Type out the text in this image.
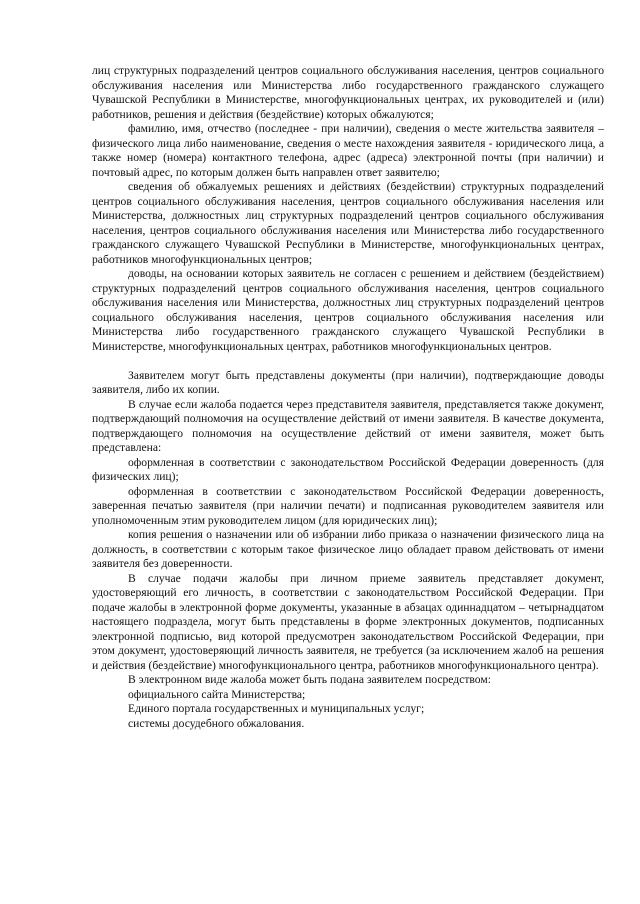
лиц структурных подразделений центров социального обслуживания населения, центров социального обслуживания населения или Министерства либо государственного гражданского служащего Чувашской Республики в Министерстве, многофункциональных центрах, их руководителей и (или) работников, решения и действия (бездействие) которых обжалуются;

фамилию, имя, отчество (последнее - при наличии), сведения о месте жительства заявителя – физического лица либо наименование, сведения о месте нахождения заявителя - юридического лица, а также номер (номера) контактного телефона, адрес (адреса) электронной почты (при наличии) и почтовый адрес, по которым должен быть направлен ответ заявителю;

сведения об обжалуемых решениях и действиях (бездействии) структурных подразделений центров социального обслуживания населения, центров социального обслуживания населения или Министерства, должностных лиц структурных подразделений центров социального обслуживания населения, центров социального обслуживания населения или Министерства либо государственного гражданского служащего Чувашской Республики в Министерстве, многофункциональных центрах, работников многофункциональных центров;

доводы, на основании которых заявитель не согласен с решением и действием (бездействием) структурных подразделений центров социального обслуживания населения, центров социального обслуживания населения или Министерства, должностных лиц структурных подразделений центров социального обслуживания населения, центров социального обслуживания населения или Министерства либо государственного гражданского служащего Чувашской Республики в Министерстве, многофункциональных центрах, работников многофункциональных центров.

Заявителем могут быть представлены документы (при наличии), подтверждающие доводы заявителя, либо их копии.

В случае если жалоба подается через представителя заявителя, представляется также документ, подтверждающий полномочия на осуществление действий от имени заявителя. В качестве документа, подтверждающего полномочия на осуществление действий от имени заявителя, может быть представлена:

оформленная в соответствии с законодательством Российской Федерации доверенность (для физических лиц);

оформленная в соответствии с законодательством Российской Федерации доверенность, заверенная печатью заявителя (при наличии печати) и подписанная руководителем заявителя или уполномоченным этим руководителем лицом (для юридических лиц);

копия решения о назначении или об избрании либо приказа о назначении физического лица на должность, в соответствии с которым такое физическое лицо обладает правом действовать от имени заявителя без доверенности.

В случае подачи жалобы при личном приеме заявитель представляет документ, удостоверяющий его личность, в соответствии с законодательством Российской Федерации. При подаче жалобы в электронной форме документы, указанные в абзацах одиннадцатом – четырнадцатом настоящего подраздела, могут быть представлены в форме электронных документов, подписанных электронной подписью, вид которой предусмотрен законодательством Российской Федерации, при этом документ, удостоверяющий личность заявителя, не требуется (за исключением жалоб на решения и действия (бездействие) многофункционального центра, работников многофункционального центра).

В электронном виде жалоба может быть подана заявителем посредством:

официального сайта Министерства;

Единого портала государственных и муниципальных услуг;

системы досудебного обжалования.
